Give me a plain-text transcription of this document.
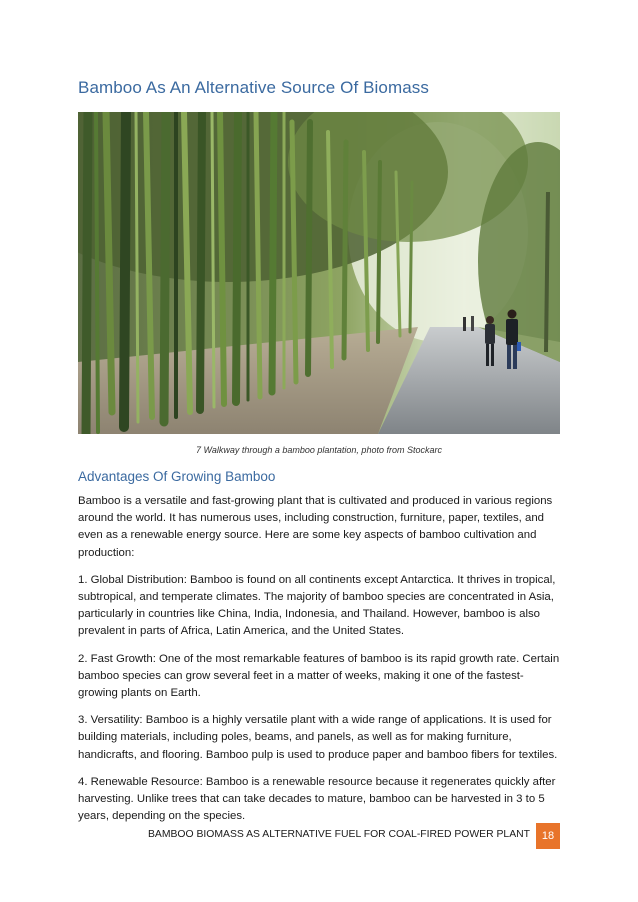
Bamboo As An Alternative Source Of Biomass
7 Walkway through a bamboo plantation, photo from Stockarc
Advantages Of Growing Bamboo

Bamboo is a versatile and fast-growing plant that is cultivated and produced in various regions around the world. It has numerous uses, including construction, furniture, paper, textiles, and even as a renewable energy source. Here are some key aspects of bamboo cultivation and production:

1. Global Distribution: Bamboo is found on all continents except Antarctica. It thrives in tropical, subtropical, and temperate climates. The majority of bamboo species are concentrated in Asia, particularly in countries like China, India, Indonesia, and Thailand. However, bamboo is also prevalent in parts of Africa, Latin America, and the United States.

2. Fast Growth: One of the most remarkable features of bamboo is its rapid growth rate. Certain bamboo species can grow several feet in a matter of weeks, making it one of the fastest-growing plants on Earth.

3. Versatility: Bamboo is a highly versatile plant with a wide range of applications. It is used for building materials, including poles, beams, and panels, as well as for making furniture, handicrafts, and flooring. Bamboo pulp is used to produce paper and bamboo fibers for textiles.

4. Renewable Resource: Bamboo is a renewable resource because it regenerates quickly after harvesting. Unlike trees that can take decades to mature, bamboo can be harvested in 3 to 5 years, depending on the species.

BAMBOO BIOMASS AS ALTERNATIVE FUEL FOR COAL-FIRED POWER PLANT	18
